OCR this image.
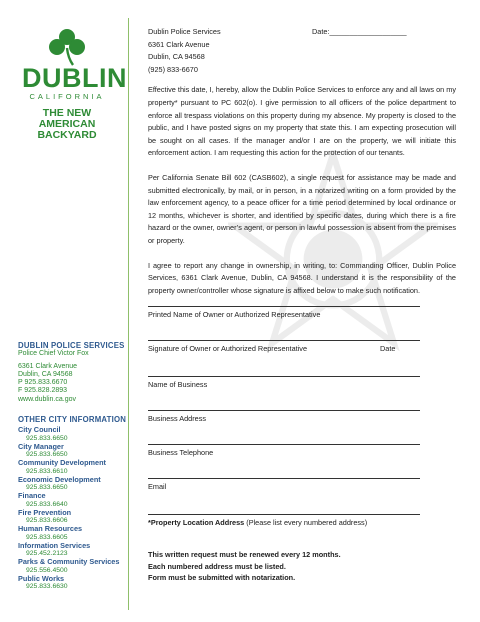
DUBLIN
CALIFORNIA
THE NEW
AMERICAN
BACKYARD
DUBLIN POLICE SERVICES
Police Chief Victor Fox
6361 Clark Avenue
Dublin, CA 94568
P 925.833.6670
F 925.828.2893
www.dublin.ca.gov
OTHER CITY INFORMATION
City Council
925.833.6650
City Manager
925.833.6650
Community Development
925.833.6610
Economic Development
925.833.6650
Finance
925.833.6640
Fire Prevention
925.833.6606
Human Resources
925.833.6605
Information Services
925.452.2123
Parks & Community Services
925.556.4500
Public Works
925.833.6630
Dublin Police Services
6361 Clark Avenue
Dublin, CA 94568
(925) 833-6670
Date:___________________

Effective this date, I, hereby, allow the Dublin Police Services to enforce any and all laws on my property* pursuant to PC 602(o). I give permission to all officers of the police department to enforce all trespass violations on this property during my absence. My property is closed to the public, and I have posted signs on my property that state this. I am expecting prosecution will be sought on all cases. If the manager and/or I are on the property, we will initiate this enforcement action. I am requesting this action for the protection of our tenants.

Per California Senate Bill 602 (CASB602), a single request for assistance may be made and submitted electronically, by mail, or in person, in a notarized writing on a form provided by the law enforcement agency, to a peace officer for a time period determined by local ordinance or 12 months, whichever is shorter, and identified by specific dates, during which there is a fire hazard or the owner, owner’s agent, or person in lawful possession is absent from the premises or property.

I agree to report any change in ownership, in writing, to: Commanding Officer, Dublin Police Services, 6361 Clark Avenue, Dublin, CA 94568. I understand it is the responsibility of the property owner/controller whose signature is affixed below to make such notification.

Printed Name of Owner or Authorized Representative
Signature of Owner or Authorized Representative	Date
Name of Business
Business Address
Business Telephone
Email
*Property Location Address (Please list every numbered address)
This written request must be renewed every 12 months.
Each numbered address must be listed.
Form must be submitted with notarization.
